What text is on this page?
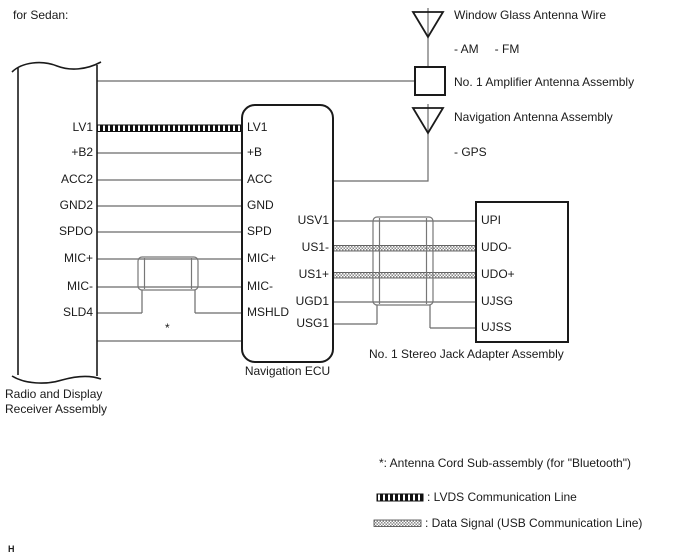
for Sedan:
LV1
+B2
ACC2
GND2
SPDO
MIC+
MIC-
SLD4
LV1
+B
ACC
GND
SPD
MIC+
MIC-
MSHLD
USV1
US1-
US1+
UGD1
USG1
UPI
UDO-
UDO+
UJSG
UJSS
Navigation ECU
Radio and Display
Receiver Assembly
No. 1 Stereo Jack Adapter Assembly
Window Glass Antenna Wire
- AM - FM
No. 1 Amplifier Antenna Assembly
Navigation Antenna Assembly
- GPS
*
*: Antenna Cord Sub-assembly (for "Bluetooth")
: LVDS Communication Line
: Data Signal (USB Communication Line)
H
